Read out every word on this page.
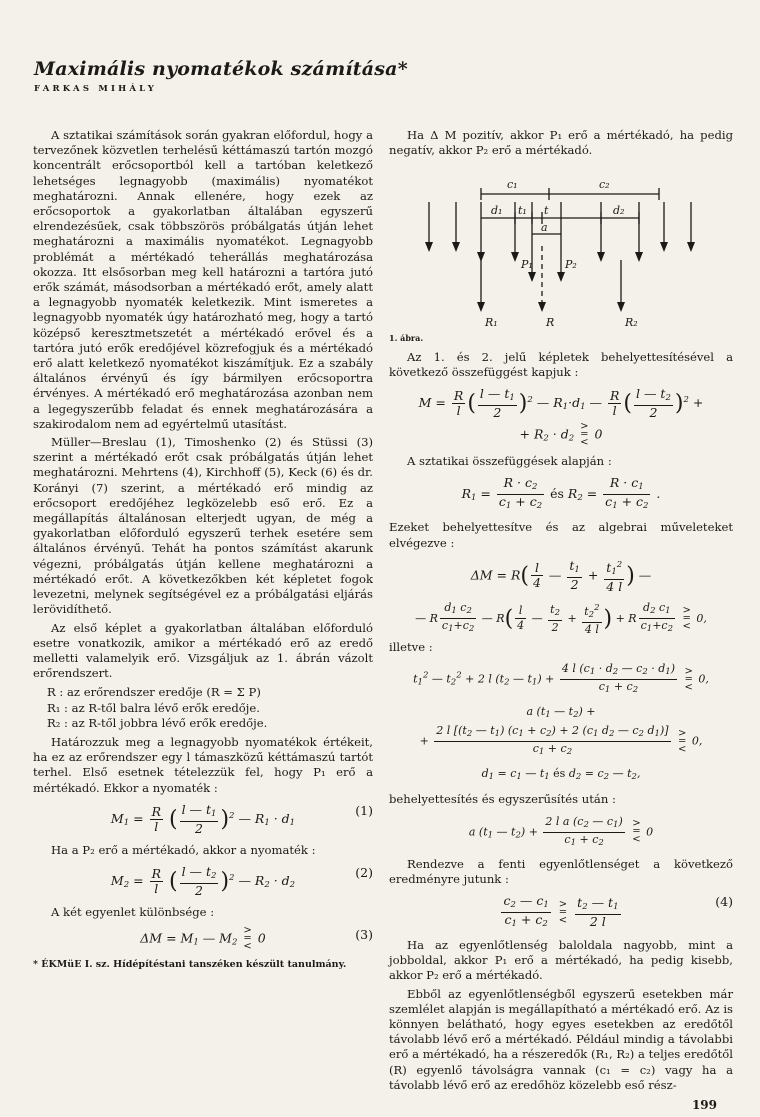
Maximális nyomatékok számítása*
FARKAS MIHÁLY

A sztatikai számítások során gyakran előfordul, hogy a tervezőnek közvetlen terhelésű kéttámaszú tartón mozgó koncentrált erőcsoportból kell a tartóban keletkező lehetséges legnagyobb (maximális) nyomatékot meghatározni. Annak ellenére, hogy ezek az erőcsoportok a gyakorlatban általában egyszerű elrendezésűek, csak többszörös próbálgatás útján lehet meghatározni a maximális nyomatékot. Legnagyobb problémát a mértékadó teherállás meghatározása okozza. Itt elsősorban meg kell határozni a tartóra jutó erők számát, másodsorban a mértékadó erőt, amely alatt a legnagyobb nyomaték keletkezik. Mint ismeretes a legnagyobb nyomaték úgy határozható meg, hogy a tartó középső keresztmetszetét a mértékadó erővel és a tartóra jutó erők eredőjével közrefogjuk és a mértékadó erő alatt keletkező nyomatékot kiszámítjuk. Ez a szabály általános érvényű és így bármilyen erőcsoportra érvényes. A mértékadó erő meghatározása azonban nem a legegyszerűbb feladat és ennek meghatározására a szakirodalom nem ad egyértelmű utasítást.

Müller—Breslau (1), Timoshenko (2) és Stüssi (3) szerint a mértékadó erőt csak próbálgatás útján lehet meghatározni. Mehrtens (4), Kirchhoff (5), Keck (6) és dr. Korányi (7) szerint, a mértékadó erő mindig az erőcsoport eredőjéhez legközelebb eső erő. Ez a megállapítás általánosan elterjedt ugyan, de még a gyakorlatban előforduló egyszerű terhek esetére sem általános érvényű. Tehát ha pontos számítást akarunk végezni, próbálgatás útján kellene meghatározni a mértékadó erőt. A következőkben két képletet fogok levezetni, melynek segítségével ez a próbálgatási eljárás lerövidíthető.

Az első képlet a gyakorlatban általában előforduló esetre vonatkozik, amikor a mértékadó erő az eredő melletti valamelyik erő. Vizsgáljuk az 1. ábrán vázolt erőrendszert.

R : az erőrendszer eredője (R = Σ P)
R₁ : az R-től balra lévő erők eredője.
R₂ : az R-től jobbra lévő erők eredője.

Határozzuk meg a legnagyobb nyomatékok értékeit, ha ez az erőrendszer egy l támaszközű kéttámaszú tartót terhel. Első esetnek tételezzük fel, hogy P₁ erő a mértékadó. Ekkor a nyomaték :

$M_1 = \frac{R}{l}$ ( $\frac{l — t_1}{2} )^2$ — $R_1 \cdot d_1$
(1)

Ha a P₂ erő a mértékadó, akkor a nyomaték :

$M_2 = \frac{R}{l}$ ( $\frac{l — t_2}{2} )^2$ — $R_2 \cdot d_2$
(2)

A két egyenlet különbsége :

$\Delta M = M_1$ — $M_2$
>
=
<
0	(3)
* ÉKMüE I. sz. Hídépítéstani tanszéken készült tanulmány.

Ha Δ M pozitív, akkor P₁ erő a mértékadó, ha pedig negatív, akkor P₂ erő a mértékadó.

c₁	c₂
d₁ t₁ t	d₂
a
P₁	P₂
R₁	R	R₂
1. ábra.

Az 1. és 2. jelű képletek behelyettesítésével a következő összefüggést kapjuk :

$M = \frac{R}{l}$ ( $\frac{l — t_1}{2} )^2$ — $R_1\cdot d_1$ — $\frac{R}{l}$ ( $\frac{l — t_2}{2} )^2$ +
+ $R_2 \cdot d_2$
>
=
<
0

A sztatikai összefüggések alapján :

$R_1 = \frac{R \cdot c_2}{c_1 + c_2}$ és $R_2 = \frac{R \cdot c_1}{c_1 + c_2}$ .

Ezeket behelyettesítve és az algebrai műveleteket elvégezve :

$\Delta M = R( \frac{l}{4}$ — $\frac{t_1}{2} + \frac{t_1^2}{4 l}$ ) —
— R $\frac{d_1 c_2}{c_1+c_2}$ — $R( \frac{l}{4}$ — $\frac{t_2}{2} + \frac{t_2^2}{4 l}$ ) + R $\frac{d_2 c_1}{c_1+c_2}$
>
=
<
0,

illetve :

$t_1^2$ — $t_2^2 + 2$ l ($t_2$ — $t_1) + \frac{4 l (c_1 \cdot d_2 — c_2 \cdot d_1)}{c_1 + c_2}$
>
=
<
0,
a ($t_1$ — $t_2$) +
+ $\frac{2 l [(t_2 — t_1) (c_1 + c_2) + 2 (c_1 d_2 — c_2 d_1)]}{c_1 + c_2}$
>
=
<
0,
$d_1 = c_1$ — $t_1$ és $d_2 = c_2$ — $t_2$,

behelyettesítés és egyszerűsítés után :

a ($t_1$ — $t_2) + \frac{2 l a (c_2 — c_1)}{c_1 + c_2}$
>
=
<
0

Rendezve a fenti egyenlőtlenséget a következő eredményre jutunk :

$\frac{c_2 — c_1}{c_1 + c_2}$
>
=
<
$\frac{t_2 — t_1}{2 l}$	(4)

Ha az egyenlőtlenség baloldala nagyobb, mint a jobboldal, akkor P₁ erő a mértékadó, ha pedig kisebb, akkor P₂ erő a mértékadó.

Ebből az egyenlőtlenségből egyszerű esetekben már szemlélet alapján is megállapítható a mértékadó erő. Az is könnyen belátható, hogy egyes esetekben az eredőtől távolabb lévő erő a mértékadó. Például mindig a távolabbi erő a mértékadó, ha a részeredők (R₁, R₂) a teljes eredőtől (R) egyenlő távolságra vannak (c₁ = c₂) vagy ha a távolabb lévő erő az eredőhöz közelebb eső rész-

199
